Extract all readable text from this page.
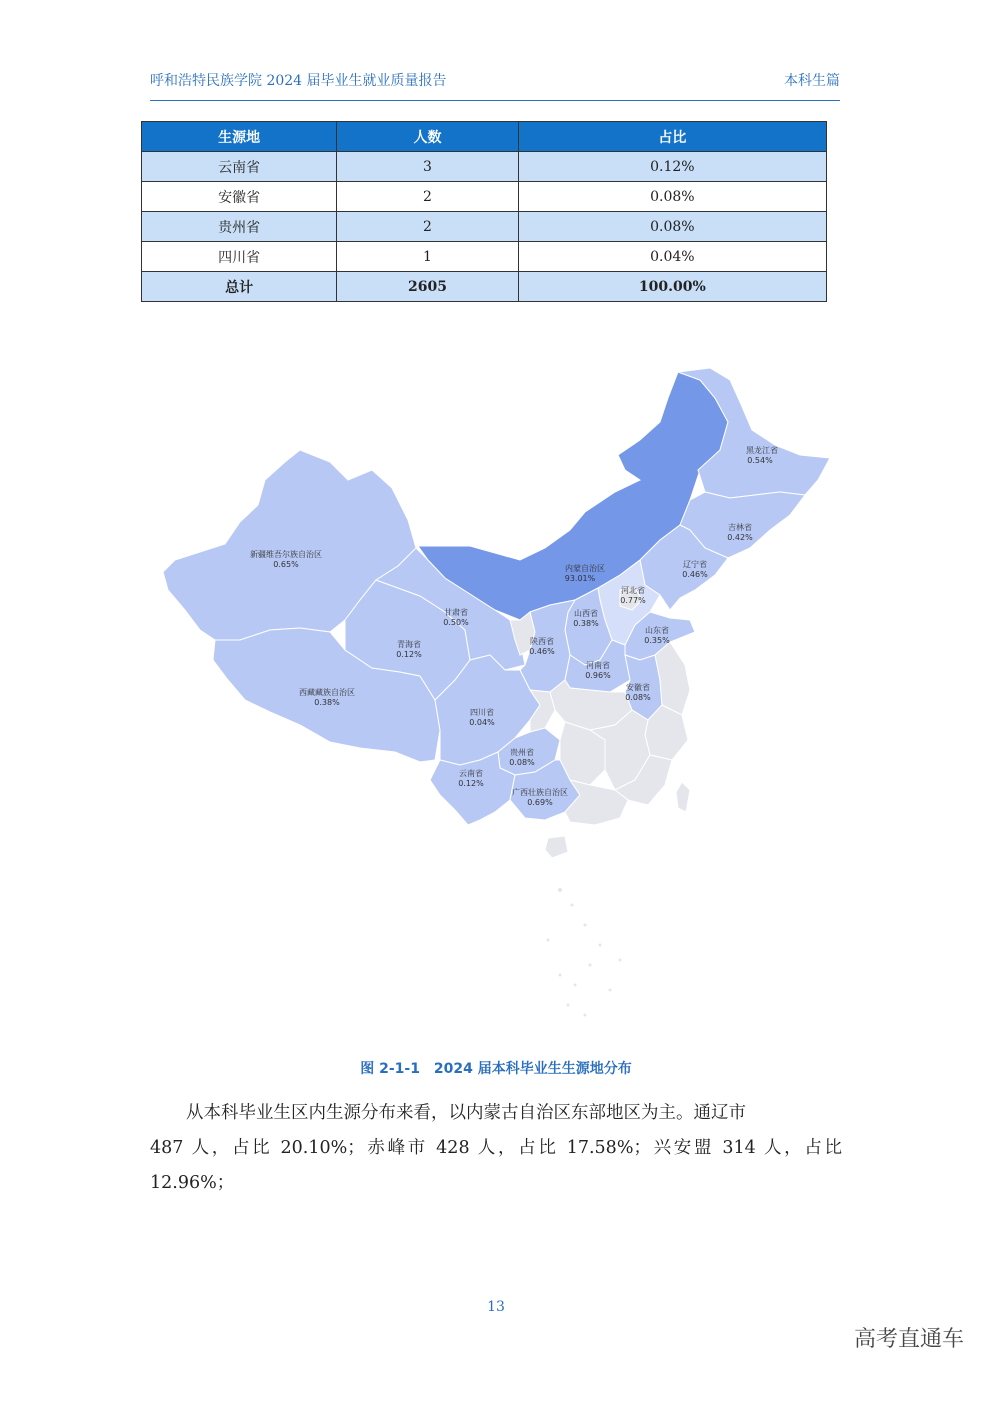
呼和浩特民族学院 2024 届毕业生就业质量报告	本科生篇
生源地	人数	占比
云南省	3	0.12%
安徽省	2	0.08%
贵州省	2	0.08%
四川省	1	0.04%
总计	2605	100.00%
黑龙江省
0.54%
吉林省
0.42%
辽宁省
0.46%
内蒙自治区
93.01%
河北省
0.77%
新疆维吾尔族自治区
0.65%
甘肃省
0.50%
山西省
0.38%
山东省
0.35%
青海省
0.12%
陕西省
0.46%
河南省
0.96%
西藏藏族自治区
0.38%
安徽省
0.08%
四川省
0.04%
贵州省
0.08%
云南省
0.12%
广西壮族自治区
0.69%
图 2-1-1　2024 届本科毕业生生源地分布
从本科毕业生区内生源分布来看，以内蒙古自治区东部地区为主。通辽市
487 人，占比 20.10%；赤峰市 428 人，占比 17.58%；兴安盟 314 人，占比 12.96%；
13
高考直通车
